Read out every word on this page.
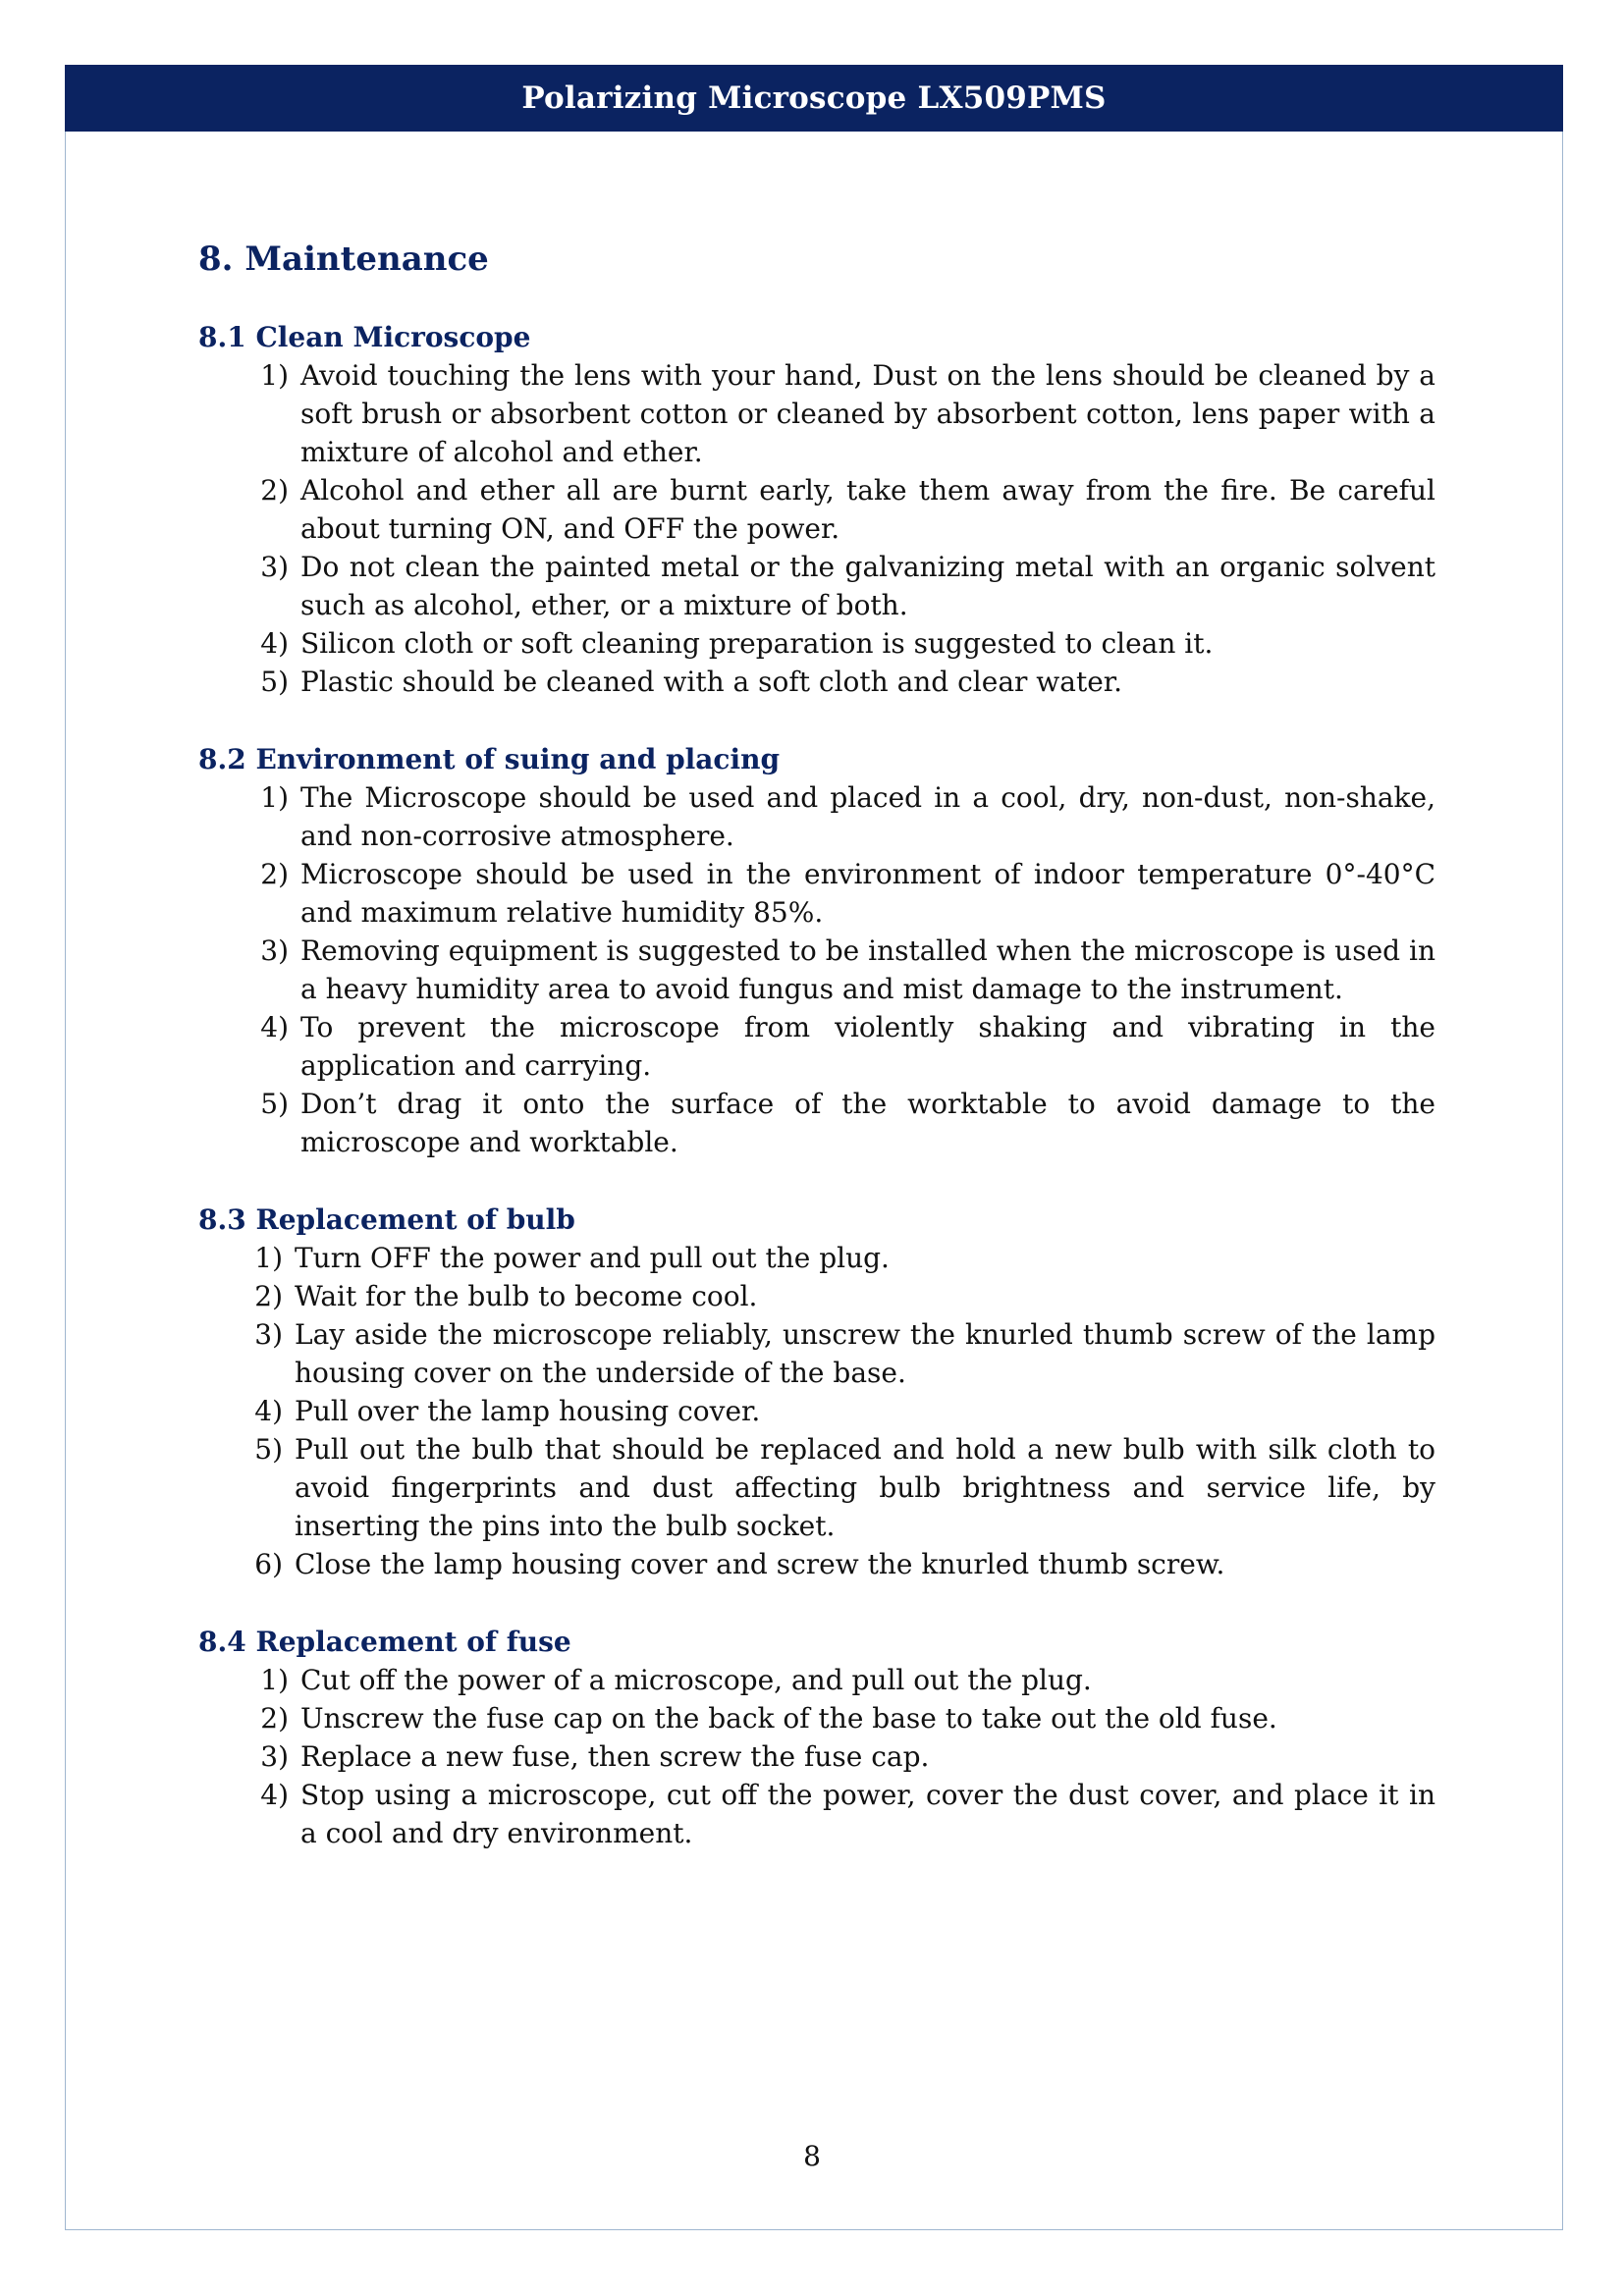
Polarizing Microscope LX509PMS
8. Maintenance
8.1 Clean Microscope
1) Avoid touching the lens with your hand, Dust on the lens should be cleaned by a soft brush or absorbent cotton or cleaned by absorbent cotton, lens paper with a mixture of alcohol and ether.
2) Alcohol and ether all are burnt early, take them away from the fire. Be careful about turning ON, and OFF the power.
3) Do not clean the painted metal or the galvanizing metal with an organic solvent such as alcohol, ether, or a mixture of both.
4) Silicon cloth or soft cleaning preparation is suggested to clean it.
5) Plastic should be cleaned with a soft cloth and clear water.
8.2 Environment of suing and placing
1) The Microscope should be used and placed in a cool, dry, non-dust, non-shake, and non-corrosive atmosphere.
2) Microscope should be used in the environment of indoor temperature 0°-40°C and maximum relative humidity 85%.
3) Removing equipment is suggested to be installed when the microscope is used in a heavy humidity area to avoid fungus and mist damage to the instrument.
4) To prevent the microscope from violently shaking and vibrating in the application and carrying.
5) Don’t drag it onto the surface of the worktable to avoid damage to the microscope and worktable.
8.3 Replacement of bulb
1) Turn OFF the power and pull out the plug.
2) Wait for the bulb to become cool.
3) Lay aside the microscope reliably, unscrew the knurled thumb screw of the lamp housing cover on the underside of the base.
4) Pull over the lamp housing cover.
5) Pull out the bulb that should be replaced and hold a new bulb with silk cloth to avoid fingerprints and dust affecting bulb brightness and service life, by inserting the pins into the bulb socket.
6) Close the lamp housing cover and screw the knurled thumb screw.
8.4 Replacement of fuse
1) Cut off the power of a microscope, and pull out the plug.
2) Unscrew the fuse cap on the back of the base to take out the old fuse.
3) Replace a new fuse, then screw the fuse cap.
4) Stop using a microscope, cut off the power, cover the dust cover, and place it in a cool and dry environment.
8
